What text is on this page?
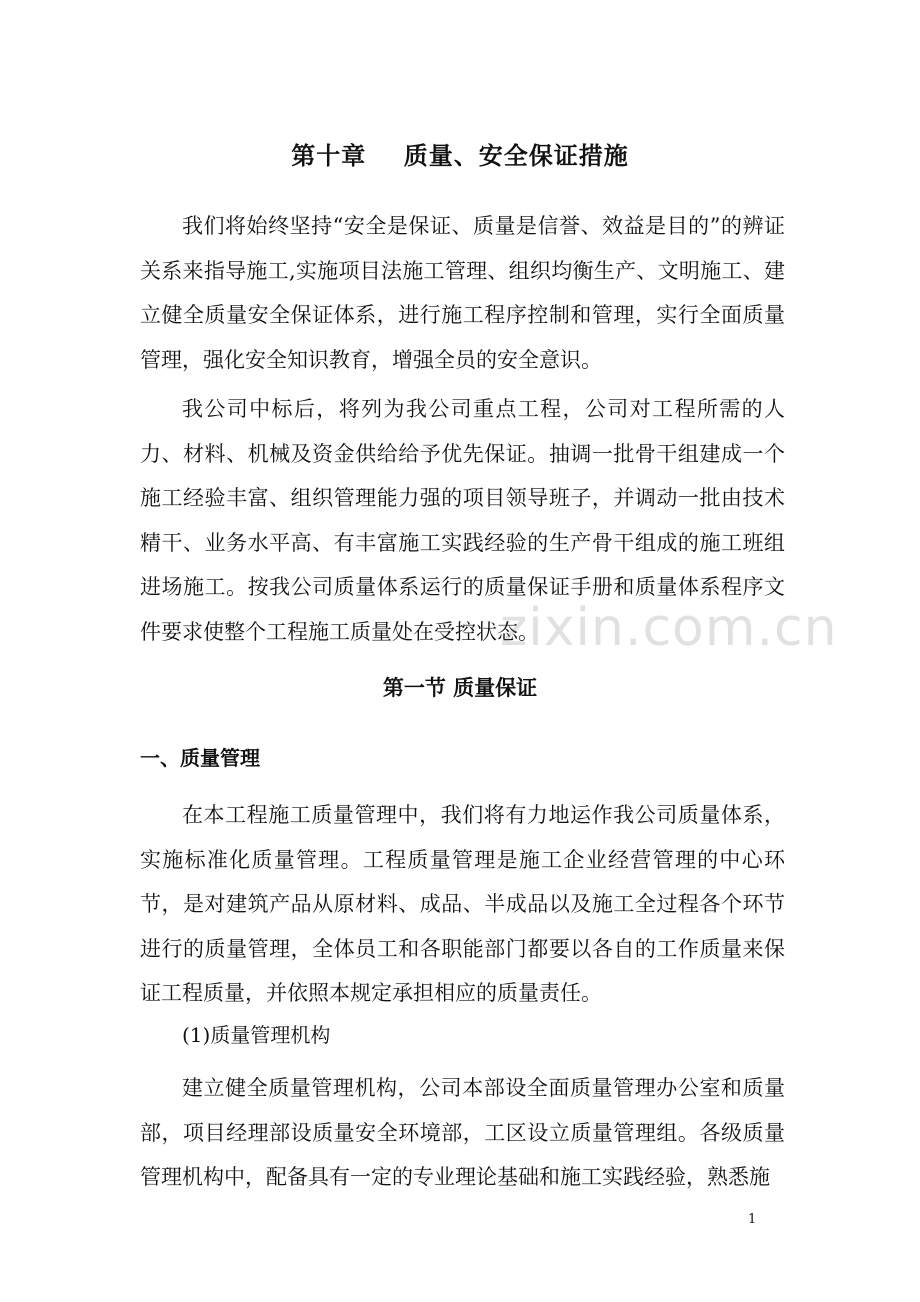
第十章    质量、安全保证措施

我们将始终坚持“安全是保证、质量是信誉、效益是目的”的辨证关系来指导施工,实施项目法施工管理、组织均衡生产、文明施工、建立健全质量安全保证体系，进行施工程序控制和管理，实行全面质量管理，强化安全知识教育，增强全员的安全意识。

我公司中标后，将列为我公司重点工程，公司对工程所需的人力、材料、机械及资金供给给予优先保证。抽调一批骨干组建成一个施工经验丰富、组织管理能力强的项目领导班子，并调动一批由技术精干、业务水平高、有丰富施工实践经验的生产骨干组成的施工班组进场施工。按我公司质量体系运行的质量保证手册和质量体系程序文件要求使整个工程施工质量处在受控状态。

zixin.com.cn
第一节 质量保证
一、质量管理

在本工程施工质量管理中，我们将有力地运作我公司质量体系，实施标准化质量管理。工程质量管理是施工企业经营管理的中心环节，是对建筑产品从原材料、成品、半成品以及施工全过程各个环节进行的质量管理，全体员工和各职能部门都要以各自的工作质量来保证工程质量，并依照本规定承担相应的质量责任。

(1)质量管理机构

建立健全质量管理机构，公司本部设全面质量管理办公室和质量部，项目经理部设质量安全环境部，工区设立质量管理组。各级质量管理机构中，配备具有一定的专业理论基础和施工实践经验，熟悉施

1
